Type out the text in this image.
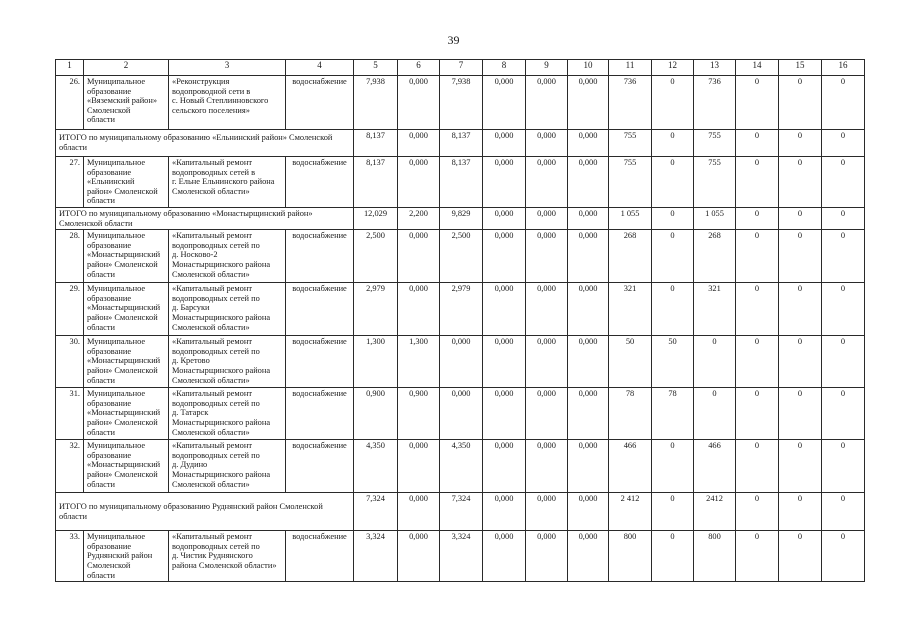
39
1	2	3	4	5	6	7	8	9	10	11	12	13	14	15	16
26.	Муниципальное
образование
«Вяземский район»
Смоленской
области	«Реконструкция
водопроводной сети в
с. Новый Степлинновского
сельского поселения»	водоснабжение	7,938	0,000	7,938	0,000	0,000	0,000	736	0	736	0	0	0
ИТОГО по муниципальному образованию «Ельнинский район» Смоленской области				8,137	0,000	8,137	0,000	0,000	0,000	755	0	755	0	0	0
27.	Муниципальное
образование
«Ельнинский
район» Смоленской
области	«Капитальный ремонт
водопроводных сетей в
г. Ельне Ельнинского района
Смоленской области»	водоснабжение	8,137	0,000	8,137	0,000	0,000	0,000	755	0	755	0	0	0
ИТОГО по муниципальному образованию «Монастырщинский район» Смоленской области				12,029	2,200	9,829	0,000	0,000	0,000	1 055	0	1 055	0	0	0
28.	Муниципальное
образование
«Монастырщинский
район» Смоленской
области	«Капитальный ремонт
водопроводных сетей по
д. Носково-2
Монастырщинского района
Смоленской области»	водоснабжение	2,500	0,000	2,500	0,000	0,000	0,000	268	0	268	0	0	0
29.	Муниципальное
образование
«Монастырщинский
район» Смоленской
области	«Капитальный ремонт
водопроводных сетей по
д. Барсуки
Монастырщинского района
Смоленской области»	водоснабжение	2,979	0,000	2,979	0,000	0,000	0,000	321	0	321	0	0	0
30.	Муниципальное
образование
«Монастырщинский
район» Смоленской
области	«Капитальный ремонт
водопроводных сетей по
д. Кретово
Монастырщинского района
Смоленской области»	водоснабжение	1,300	1,300	0,000	0,000	0,000	0,000	50	50	0	0	0	0
31.	Муниципальное
образование
«Монастырщинский
район» Смоленской
области	«Капитальный ремонт
водопроводных сетей по
д. Татарск
Монастырщинского района
Смоленской области»	водоснабжение	0,900	0,900	0,000	0,000	0,000	0,000	78	78	0	0	0	0
32.	Муниципальное
образование
«Монастырщинский
район» Смоленской
области	«Капитальный ремонт
водопроводных сетей по
д. Дудино
Монастырщинского района
Смоленской области»	водоснабжение	4,350	0,000	4,350	0,000	0,000	0,000	466	0	466	0	0	0
ИТОГО по муниципальному образованию Руднянский район Смоленской области				7,324	0,000	7,324	0,000	0,000	0,000	2 412	0	2412	0	0	0
33.	Муниципальное
образование
Руднянский район
Смоленской
области	«Капитальный ремонт
водопроводных сетей по
д. Чистик Руднянского
района Смоленской области»	водоснабжение	3,324	0,000	3,324	0,000	0,000	0,000	800	0	800	0	0	0
